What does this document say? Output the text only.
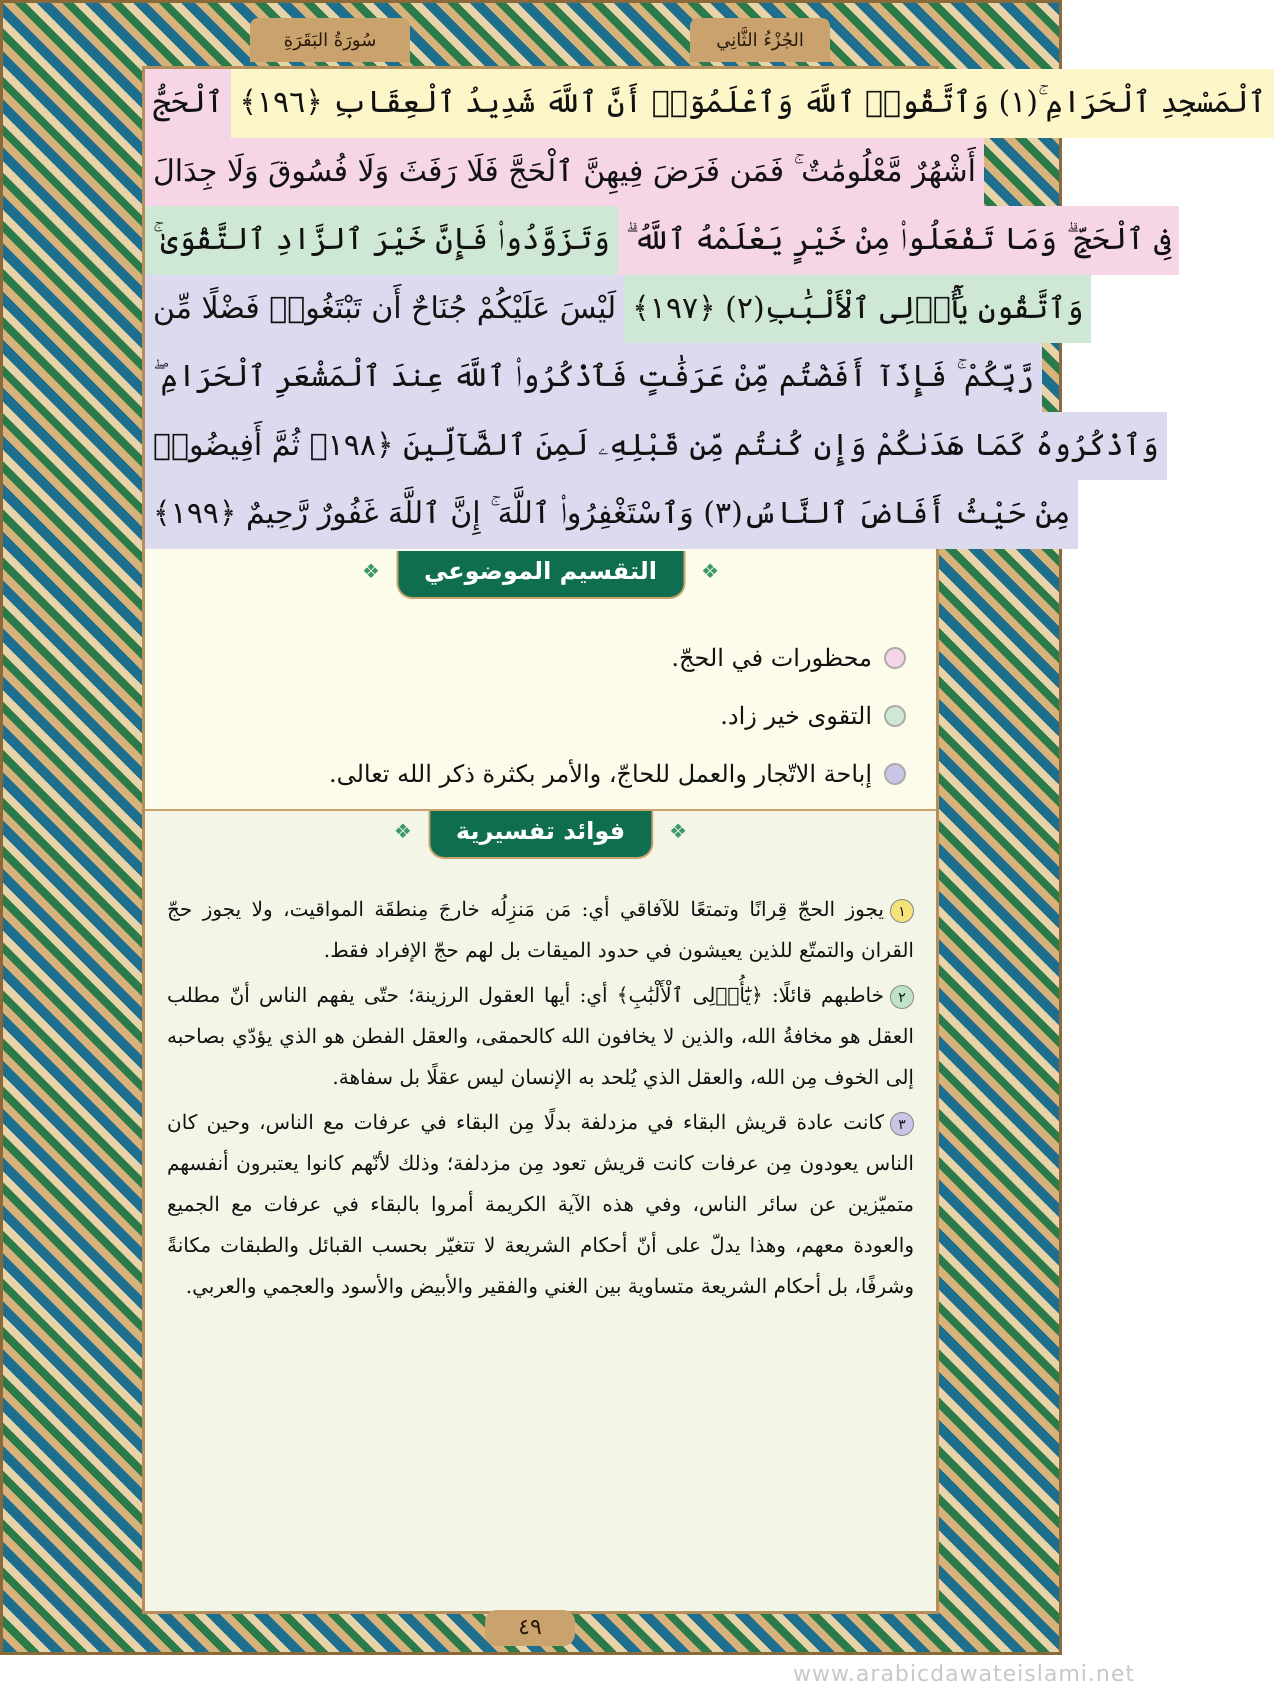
سُورَةُ البَقَرَةِ	الجُزْءُ الثَّانِي
ٱلْحَجُّ ٱلْمَسْجِدِ ٱلْحَرَامِ ۚ(١) وَٱتَّقُوا۟ ٱللَّهَ وَٱعْلَمُوٓا۟ أَنَّ ٱللَّهَ شَدِيدُ ٱلْعِقَابِ ﴿١٩٦﴾
أَشْهُرٌ مَّعْلُومَٰتٌ ۚ فَمَن فَرَضَ فِيهِنَّ ٱلْحَجَّ فَلَا رَفَثَ وَلَا فُسُوقَ وَلَا جِدَالَ
وَتَزَوَّدُوا۟ فَإِنَّ خَيْرَ ٱلزَّادِ ٱلتَّقْوَىٰ ۚ فِى ٱلْحَجِّ ۗ وَمَا تَفْعَلُوا۟ مِنْ خَيْرٍ يَعْلَمْهُ ٱللَّهُ ۗ
لَيْسَ عَلَيْكُمْ جُنَاحٌ أَن تَبْتَغُوا۟ فَضْلًا مِّن وَٱتَّقُونِ يَٰٓأُو۟لِى ٱلْأَلْبَٰبِ(٢) ﴿١٩٧﴾
رَّبِّكُمْ ۚ فَإِذَآ أَفَضْتُم مِّنْ عَرَفَٰتٍ فَٱذْكُرُوا۟ ٱللَّهَ عِندَ ٱلْمَشْعَرِ ٱلْحَرَامِ ۖ
وَٱذْكُرُوهُ كَمَا هَدَىٰكُمْ وَإِن كُنتُم مِّن قَبْلِهِۦ لَمِنَ ٱلضَّآلِّينَ ﴿١٩٨﴾ ثُمَّ أَفِيضُوا۟
مِنْ حَيْثُ أَفَاضَ ٱلنَّاسُ(٣) وَٱسْتَغْفِرُوا۟ ٱللَّهَ ۚ إِنَّ ٱللَّهَ غَفُورٌ رَّحِيمٌ ﴿١٩٩﴾
❖ التقسيم الموضوعي ❖
محظورات في الحجّ.
التقوى خير زاد.
إباحة الاتّجار والعمل للحاجّ، والأمر بكثرة ذكر الله تعالى.
❖ فوائد تفسيرية ❖
١يجوز الحجّ قِرانًا وتمتعًا للآفاقي أي: مَن مَنزِلُه خارجَ مِنطقَة المواقيت، ولا يجوز حجّ القران والتمتّع للذين يعيشون في حدود الميقات بل لهم حجّ الإفراد فقط.
٢خاطبهم قائلًا: ﴿يَٰٓأُو۟لِى ٱلْأَلْبَٰبِ﴾ أي: أيها العقول الرزينة؛ حتّى يفهم الناس أنّ مطلب العقل هو مخافةُ الله، والذين لا يخافون الله كالحمقى، والعقل الفطن هو الذي يؤدّي بصاحبه إلى الخوف مِن الله، والعقل الذي يُلحد به الإنسان ليس عقلًا بل سفاهة.
٣كانت عادة قريش البقاء في مزدلفة بدلًا مِن البقاء في عرفات مع الناس، وحين كان الناس يعودون مِن عرفات كانت قريش تعود مِن مزدلفة؛ وذلك لأنّهم كانوا يعتبرون أنفسهم متميّزين عن سائر الناس، وفي هذه الآية الكريمة أمروا بالبقاء في عرفات مع الجميع والعودة معهم، وهذا يدلّ على أنّ أحكام الشريعة لا تتغيّر بحسب القبائل والطبقات مكانةً وشرفًا، بل أحكام الشريعة متساوية بين الغني والفقير والأبيض والأسود والعجمي والعربي.
٤٩
www.arabicdawateislami.net
